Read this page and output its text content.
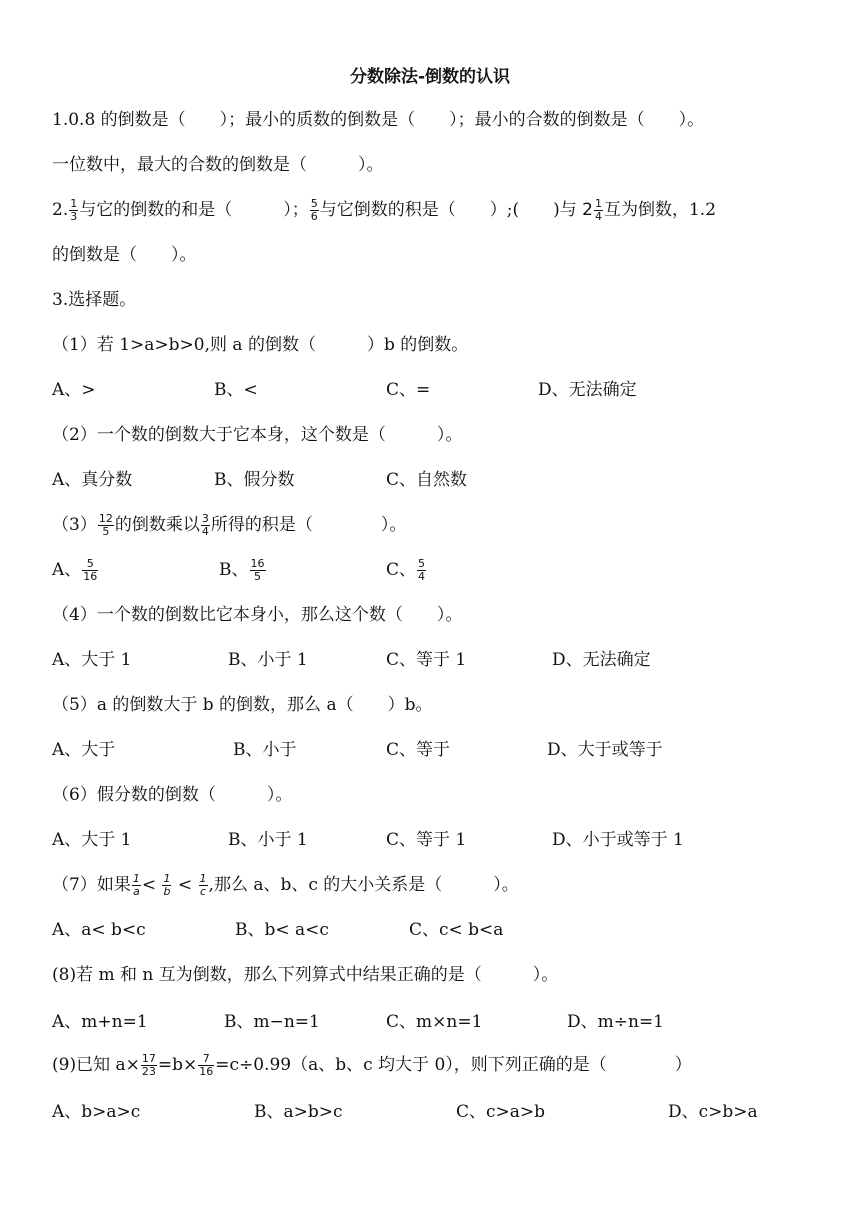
分数除法-倒数的认识
1.0.8 的倒数是（　　）；最小的质数的倒数是（　　）；最小的合数的倒数是（　　）。
一位数中，最大的合数的倒数是（　　　）。
2. $\frac{1}{3}$ 与它的倒数的和是（　　　）； $\frac{5}{6}$ 与它倒数的积是（　　）;(　　)与 $2 \frac{1}{4}$ 互为倒数，1.2
的倒数是（　　）。
3.选择题。
（1）若 1>a>b>0,则 a 的倒数（　　　）b 的倒数。
A、>	B、<	C、=	D、无法确定
（2）一个数的倒数大于它本身，这个数是（　　　）。
A、真分数	B、假分数	C、自然数
$(3) \frac{12}{5}$ 的倒数乘以 $\frac{3}{4}$ 所得的积是（　　　　）。
A、 $\frac{5}{16}$	B、 $\frac{16}{5}$	C、 $\frac{5}{4}$
（4）一个数的倒数比它本身小，那么这个数（　　）。
A、大于 1	B、小于 1	C、等于 1	D、无法确定
（5）a 的倒数大于 b 的倒数，那么 a（　　）b。
A、大于	B、小于	C、等于	D、大于或等于
（6）假分数的倒数（　　　）。
A、大于 1	B、小于 1	C、等于 1	D、小于或等于 1
（7）如果 $\frac{1}{a} < \frac{1}{b} < \frac{1}{c}$ ,那么 a、b、c 的大小关系是（　　　）。
A、a< b<c	B、b< a<c	C、c< b<a
(8)若 m 和 n 互为倒数，那么下列算式中结果正确的是（　　　）。
A、m+n=1	B、m−n=1	C、m×n=1	D、m÷n=1
(9)已知 $a\times \frac{17}{23} =b\times \frac{7}{16} =c\div 0.99(a$、b、c 均大于 0），则下列正确的是（　　　　）
A、b>a>c	B、a>b>c	C、c>a>b	D、c>b>a
